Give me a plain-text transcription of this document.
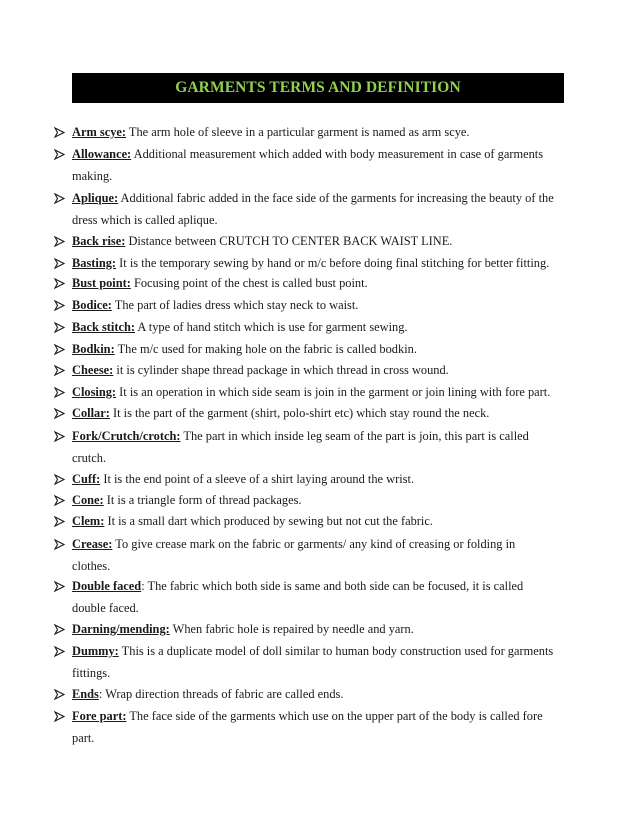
GARMENTS TERMS AND DEFINITION
Arm scye: The arm hole of sleeve in a particular garment is named as arm scye.
Allowance: Additional measurement which added with body measurement in case of garments
making.
Aplique: Additional fabric added in the face side of the garments for increasing the beauty of the
dress which is called aplique.
Back rise: Distance between CRUTCH TO CENTER BACK WAIST LINE.
Basting: It is the temporary sewing by hand or m/c before doing final stitching for better fitting.
Bust point: Focusing point of the chest is called bust point.
Bodice: The part of ladies dress which stay neck to waist.
Back stitch: A type of hand stitch which is use for garment sewing.
Bodkin: The m/c used for making hole on the fabric is called bodkin.
Cheese: it is cylinder shape thread package in which thread in cross wound.
Closing: It is an operation in which side seam is join in the garment or join lining with fore part.
Collar: It is the part of the garment (shirt, polo-shirt etc) which stay round the neck.
Fork/Crutch/crotch: The part in which inside leg seam of the part is join, this part is called
crutch.
Cuff: It is the end point of a sleeve of a shirt laying around the wrist.
Cone: It is a triangle form of thread packages.
Clem: It is a small dart which produced by sewing but not cut the fabric.
Crease: To give crease mark on the fabric or garments/ any kind of creasing or folding in
clothes.
Double faced: The fabric which both side is same and both side can be focused, it is called
double faced.
Darning/mending: When fabric hole is repaired by needle and yarn.
Dummy: This is a duplicate model of doll similar to human body construction used for garments
fittings.
Ends: Wrap direction threads of fabric are called ends.
Fore part: The face side of the garments which use on the upper part of the body is called fore
part.
